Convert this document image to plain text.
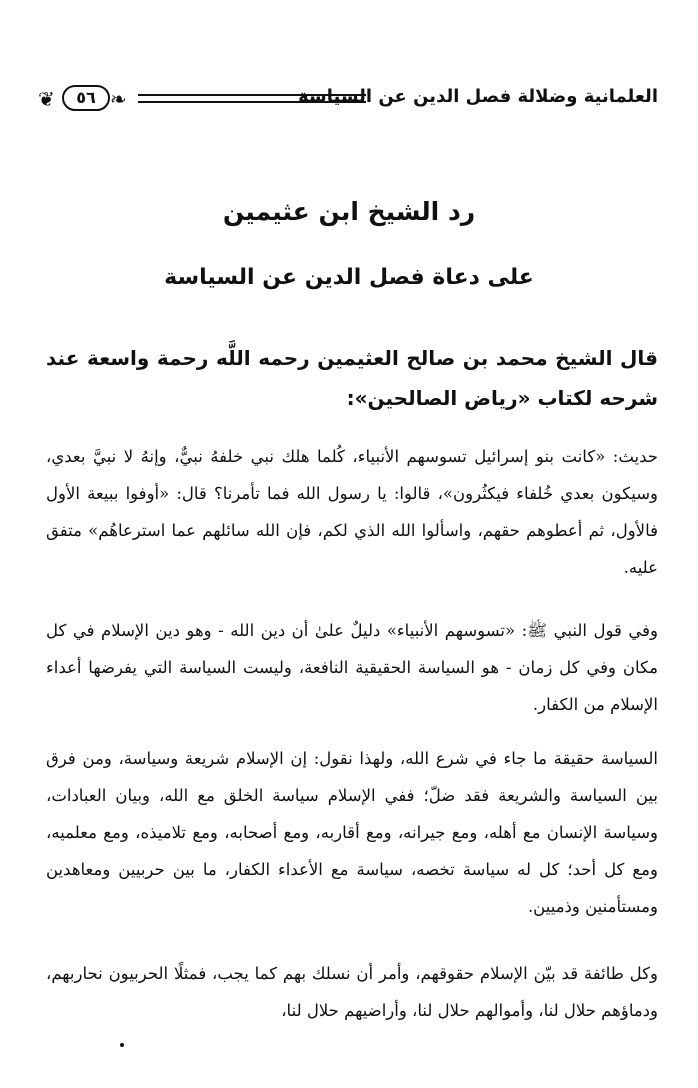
❦	٥٦ ❧	العلمانية وضلالة فصل الدين عن السياسة
رد الشيخ ابن عثيمين
على دعاة فصل الدين عن السياسة
قال الشيخ محمد بن صالح العثيمين رحمه اللَّه رحمة واسعة عند شرحه لكتاب «رياض الصالحين»:
حديث: «كانت بنو إسرائيل تسوسهم الأنبياء، كُلما هلك نبي خلفهُ نبيٌّ، وإنهُ لا نبيَّ بعدي، وسيكون بعدي خُلفاء فيكثُرون»، قالوا: يا رسول الله فما تأمرنا؟ قال: «أوفوا ببيعة الأول فالأول، ثم أعطوهم حقهم، واسألوا الله الذي لكم، فإن الله سائلهم عما استرعاهُم» متفق عليه.
وفي قول النبي ﷺ: «تسوسهم الأنبياء» دليلٌ علىٰ أن دين الله - وهو دين الإسلام في كل مكان وفي كل زمان - هو السياسة الحقيقية النافعة، وليست السياسة التي يفرضها أعداء الإسلام من الكفار.
السياسة حقيقة ما جاء في شرع الله، ولهذا نقول: إن الإسلام شريعة وسياسة، ومن فرق بين السياسة والشريعة فقد ضلّ؛ ففي الإسلام سياسة الخلق مع الله، وبيان العبادات، وسياسة الإنسان مع أهله، ومع جيرانه، ومع أقاربه، ومع أصحابه، ومع تلاميذه، ومع معلميه، ومع كل أحد؛ كل له سياسة تخصه، سياسة مع الأعداء الكفار، ما بين حربيين ومعاهدين ومستأمنين وذميين.
وكل طائفة قد بيّن الإسلام حقوقهم، وأمر أن نسلك بهم كما يجب، فمثلًا الحربيون نحاربهم، ودماؤهم حلال لنا، وأموالهم حلال لنا، وأراضيهم حلال لنا،
